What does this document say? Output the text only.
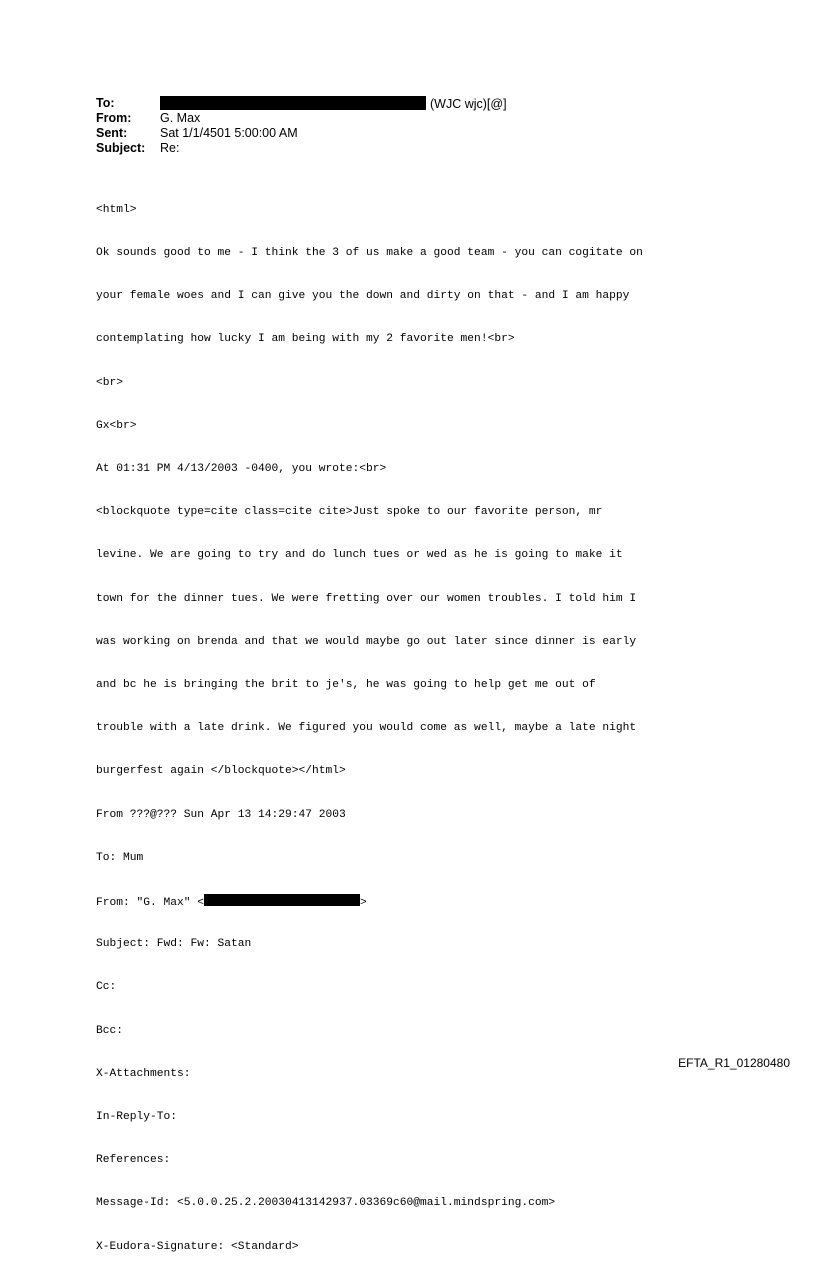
To:	(WJC wjc)[@]
From: G. Max
Sent:	Sat 1/1/4501 5:00:00 AM
Subject: Re:

<html>

Ok sounds good to me - I think the 3 of us make a good team - you can cogitate on

your female woes and I can give you the down and dirty on that - and I am happy

contemplating how lucky I am being with my 2 favorite men!<br>

<br>

Gx<br>

At 01:31 PM 4/13/2003 -0400, you wrote:<br>

<blockquote type=cite class=cite cite>Just spoke to our favorite person, mr

levine. We are going to try and do lunch tues or wed as he is going to make it

town for the dinner tues. We were fretting over our women troubles. I told him I

was working on brenda and that we would maybe go out later since dinner is early

and bc he is bringing the brit to je's, he was going to help get me out of

trouble with a late drink. We figured you would come as well, maybe a late night

burgerfest again </blockquote></html>

From ???@??? Sun Apr 13 14:29:47 2003

To: Mum

From: "G. Max" <	>

Subject: Fwd: Fw: Satan

Cc:

Bcc:

X-Attachments:

In-Reply-To:

References:

Message-Id: <5.0.0.25.2.20030413142937.03369c60@mail.mindspring.com>

X-Eudora-Signature: <Standard>

EFTA_R1_01280480
